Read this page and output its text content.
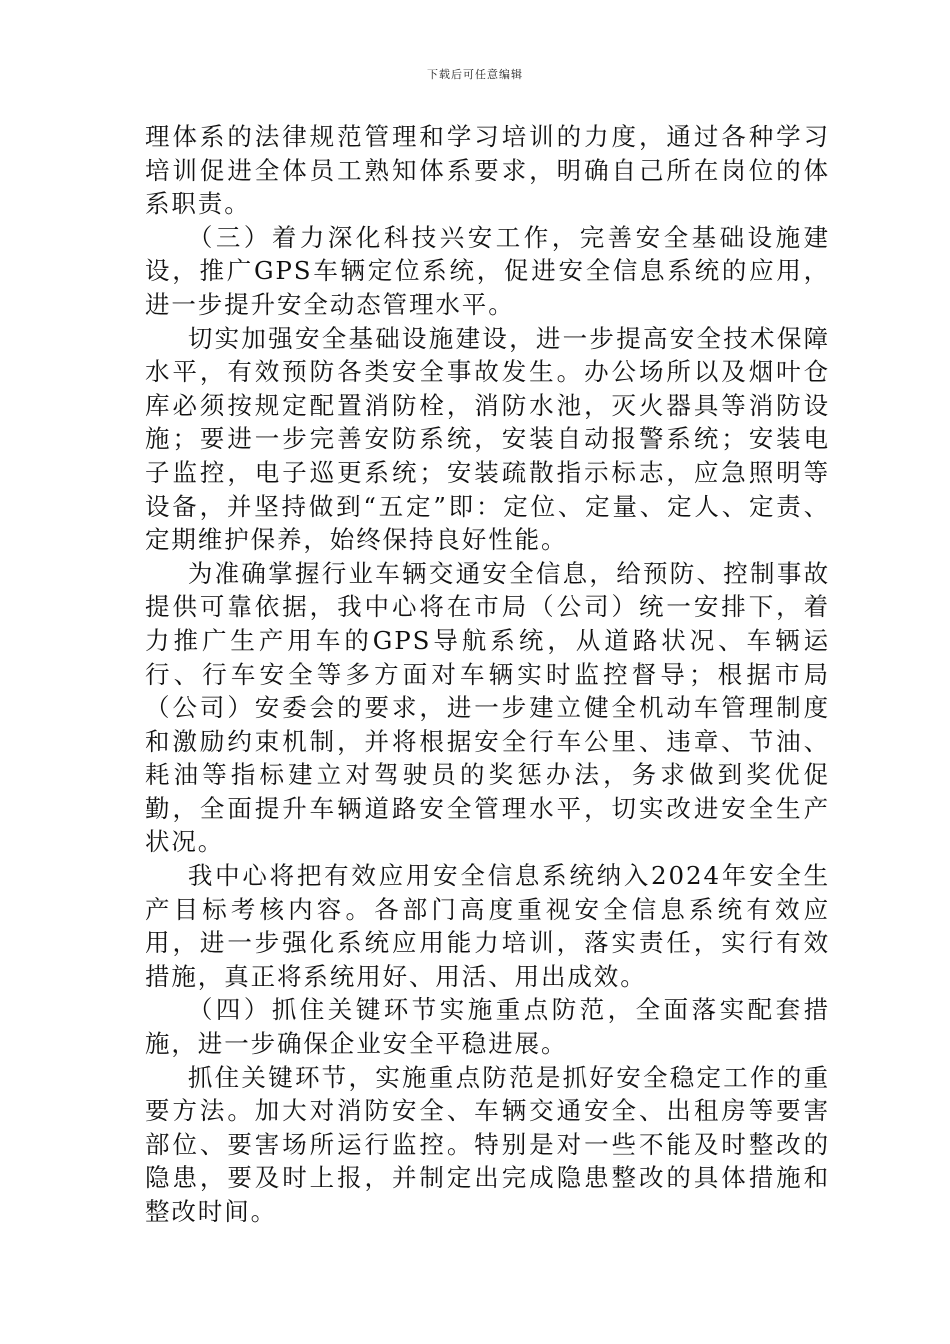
下载后可任意编辑

理体系的法律规范管理和学习培训的力度，通过各种学习培训促进全体员工熟知体系要求，明确自己所在岗位的体系职责。

（三）着力深化科技兴安工作，完善安全基础设施建设，推广GPS车辆定位系统，促进安全信息系统的应用，进一步提升安全动态管理水平。

切实加强安全基础设施建设，进一步提高安全技术保障水平，有效预防各类安全事故发生。办公场所以及烟叶仓库必须按规定配置消防栓，消防水池，灭火器具等消防设施；要进一步完善安防系统，安装自动报警系统；安装电子监控，电子巡更系统；安装疏散指示标志，应急照明等设备，并坚持做到“五定”即：定位、定量、定人、定责、定期维护保养，始终保持良好性能。

为准确掌握行业车辆交通安全信息，给预防、控制事故提供可靠依据，我中心将在市局（公司）统一安排下，着力推广生产用车的GPS导航系统，从道路状况、车辆运行、行车安全等多方面对车辆实时监控督导；根据市局（公司）安委会的要求，进一步建立健全机动车管理制度和激励约束机制，并将根据安全行车公里、违章、节油、耗油等指标建立对驾驶员的奖惩办法，务求做到奖优促勤，全面提升车辆道路安全管理水平，切实改进安全生产状况。

我中心将把有效应用安全信息系统纳入2024年安全生产目标考核内容。各部门高度重视安全信息系统有效应用，进一步强化系统应用能力培训，落实责任，实行有效措施，真正将系统用好、用活、用出成效。

（四）抓住关键环节实施重点防范，全面落实配套措施，进一步确保企业安全平稳进展。

抓住关键环节，实施重点防范是抓好安全稳定工作的重要方法。加大对消防安全、车辆交通安全、出租房等要害部位、要害场所运行监控。特别是对一些不能及时整改的隐患，要及时上报，并制定出完成隐患整改的具体措施和整改时间。
